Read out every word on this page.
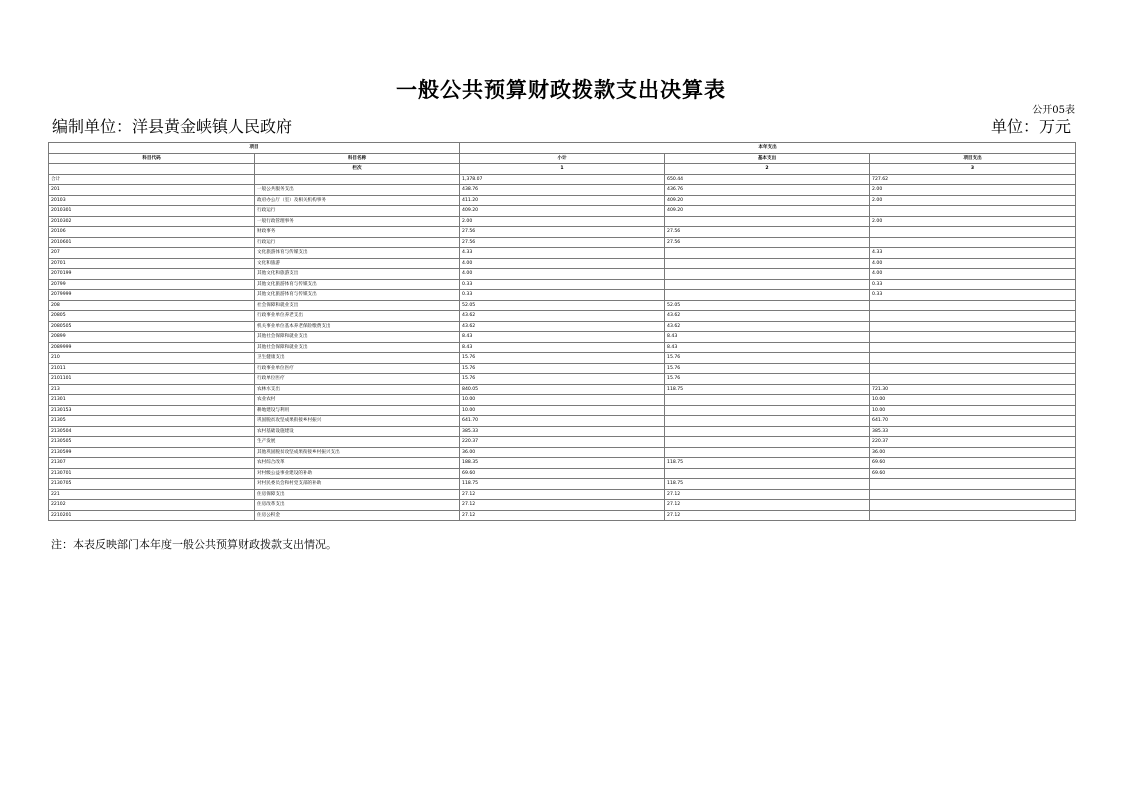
一般公共预算财政拨款支出决算表
公开05表
编制单位：洋县黄金峡镇人民政府	单位：万元
项目		本年支出		
科目代码	科目名称	小计	基本支出	项目支出
	栏次	1	2	3
合计		1,378.07	650.44	727.62
201	一般公共服务支出	438.76	436.76	2.00
20103	政府办公厅（室）及相关机构事务	411.20	409.20	2.00
2010301	行政运行	409.20	409.20	
2010302	一般行政管理事务	2.00		2.00
20106	财政事务	27.56	27.56	
2010601	行政运行	27.56	27.56	
207	文化旅游体育与传媒支出	4.33		4.33
20701	文化和旅游	4.00		4.00
2070199	其他文化和旅游支出	4.00		4.00
20799	其他文化旅游体育与传媒支出	0.33		0.33
2079999	其他文化旅游体育与传媒支出	0.33		0.33
208	社会保障和就业支出	52.05	52.05	
20805	行政事业单位养老支出	43.62	43.62	
2080505	机关事业单位基本养老保险缴费支出	43.62	43.62	
20899	其他社会保障和就业支出	8.43	8.43	
2089999	其他社会保障和就业支出	8.43	8.43	
210	卫生健康支出	15.76	15.76	
21011	行政事业单位医疗	15.76	15.76	
2101101	行政单位医疗	15.76	15.76	
213	农林水支出	840.05	118.75	721.30
21301	农业农村	10.00		10.00
2130153	耕地建设与利用	10.00		10.00
21305	巩固脱贫攻坚成果衔接乡村振兴	641.70		641.70
2130504	农村基础设施建设	385.33		385.33
2130505	生产发展	220.37		220.37
2130599	其他巩固脱贫攻坚成果衔接乡村振兴支出	36.00		36.00
21307	农村综合改革	188.35	118.75	69.60
2130701	对村级公益事业建设的补助	69.60		69.60
2130705	对村民委员会和村党支部的补助	118.75	118.75	
221	住房保障支出	27.12	27.12	
22102	住房改革支出	27.12	27.12	
2210201	住房公积金	27.12	27.12	
注：本表反映部门本年度一般公共预算财政拨款支出情况。
